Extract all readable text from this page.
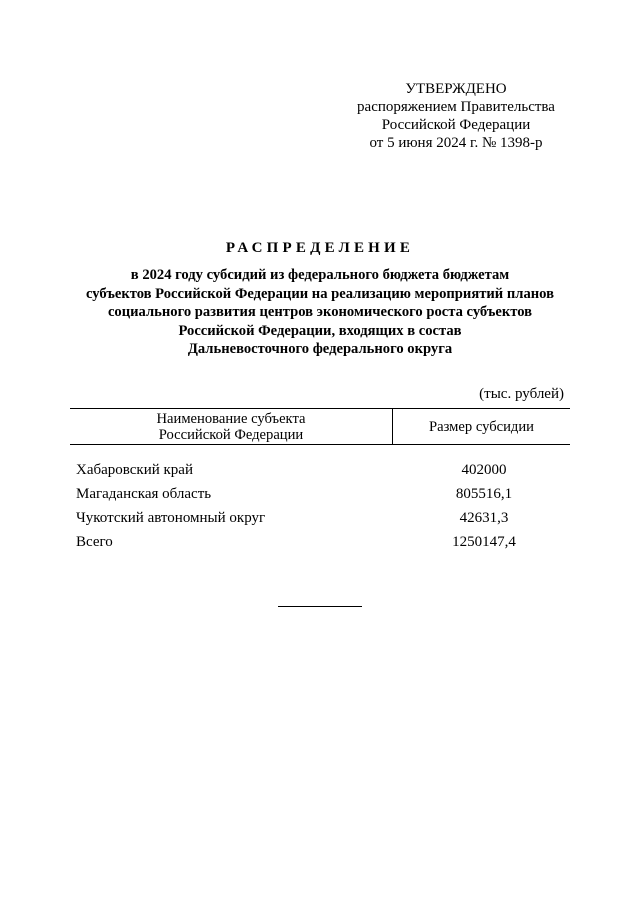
УТВЕРЖДЕНО
распоряжением Правительства
Российской Федерации
от 5 июня 2024 г. № 1398-р
РАСПРЕДЕЛЕНИЕ
в 2024 году субсидий из федерального бюджета бюджетам
субъектов Российской Федерации на реализацию мероприятий планов
социального развития центров экономического роста субъектов
Российской Федерации, входящих в состав
Дальневосточного федерального округа
(тыс. рублей)
Наименование субъекта
Российской Федерации	Размер субсидии
Хабаровский край	402000
Магаданская область	805516,1
Чукотский автономный округ	42631,3
Всего	1250147,4
